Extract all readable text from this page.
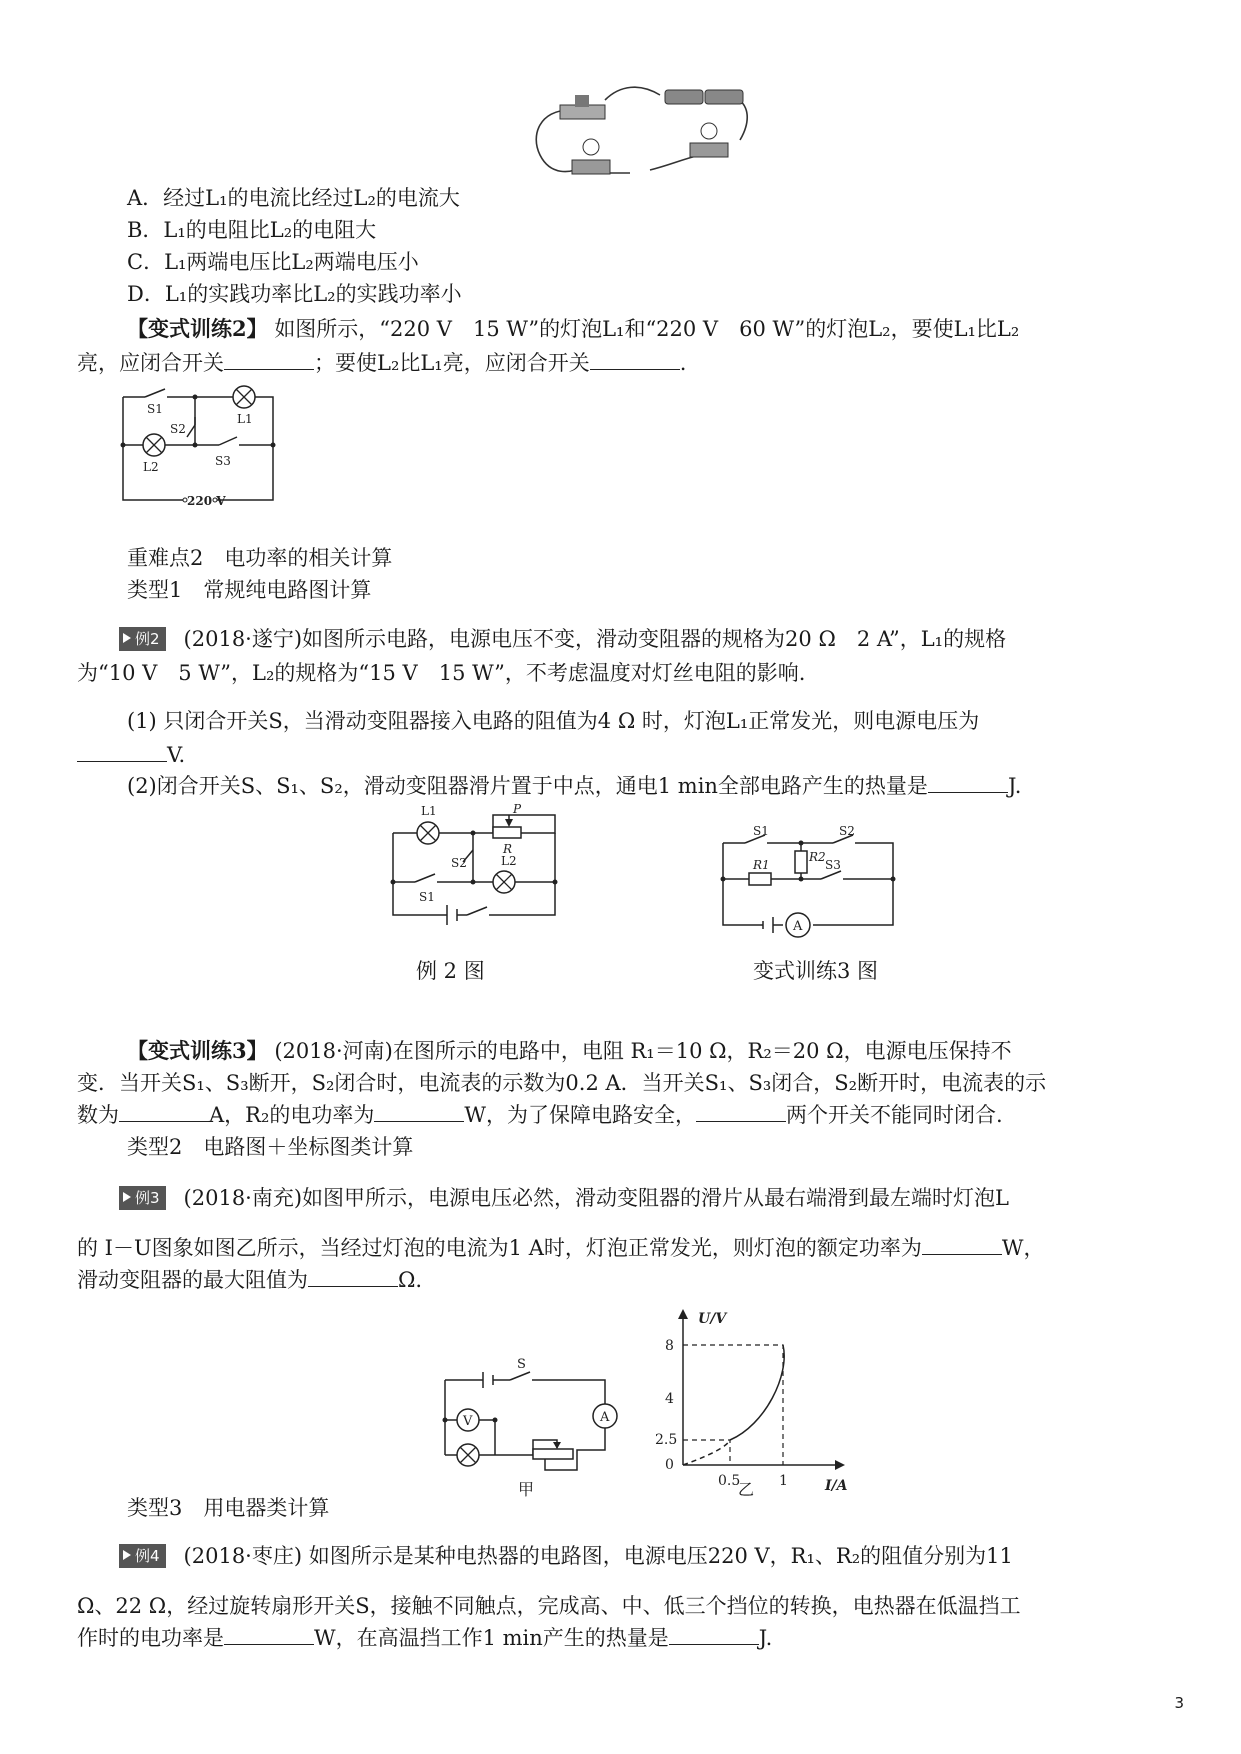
A．经过L₁的电流比经过L₂的电流大
B．L₁的电阻比L₂的电阻大
C．L₁两端电压比L₂两端电压小
D．L₁的实践功率比L₂的实践功率小
【变式训练2】 如图所示，“220 V　15 W”的灯泡L₁和“220 V　60 W”的灯泡L₂，要使L₁比L₂
亮，应闭合开关	；要使L₂比L₁亮，应闭合开关	.
S1
S2
S3
L1
L2
220 V
重难点2　电功率的相关计算
类型1　常规纯电路图计算
例2 (2018·遂宁)如图所示电路，电源电压不变，滑动变阻器的规格为20 Ω　2 A”，L₁的规格
为“10 V　5 W”，L₂的规格为“15 V　15 W”，不考虑温度对灯丝电阻的影响.
(1) 只闭合开关S，当滑动变阻器接入电路的阻值为4 Ω 时，灯泡L₁正常发光，则电源电压为
V.
(2)闭合开关S、S₁、S₂，滑动变阻器滑片置于中点，通电1 min全部电路产生的热量是	J.
L1	P
R
S2	L2
S1
例 2 图
S1	S2
S3
R1
R2
A
变式训练3 图
【变式训练3】 (2018·河南)在图所示的电路中，电阻 R₁＝10 Ω，R₂＝20 Ω，电源电压保持不
变．当开关S₁、S₃断开，S₂闭合时，电流表的示数为0.2 A．当开关S₁、S₃闭合，S₂断开时，电流表的示
数为	A，R₂的电功率为	W，为了保障电路安全，	两个开关不能同时闭合.
类型2　电路图＋坐标图类计算
例3 (2018·南充)如图甲所示，电源电压必然，滑动变阻器的滑片从最右端滑到最左端时灯泡L
的 I－U图象如图乙所示，当经过灯泡的电流为1 A时，灯泡正常发光，则灯泡的额定功率为	W，
滑动变阻器的最大阻值为	Ω.
S
V	A
甲
U/V
I/A
8
4
2.5
0
0.5	1
乙
类型3　用电器类计算
例4 (2018·枣庄) 如图所示是某种电热器的电路图，电源电压220 V，R₁、R₂的阻值分别为11
Ω、22 Ω，经过旋转扇形开关S，接触不同触点，完成高、中、低三个挡位的转换，电热器在低温挡工
作时的电功率是	W，在高温挡工作1 min产生的热量是	J.
3
